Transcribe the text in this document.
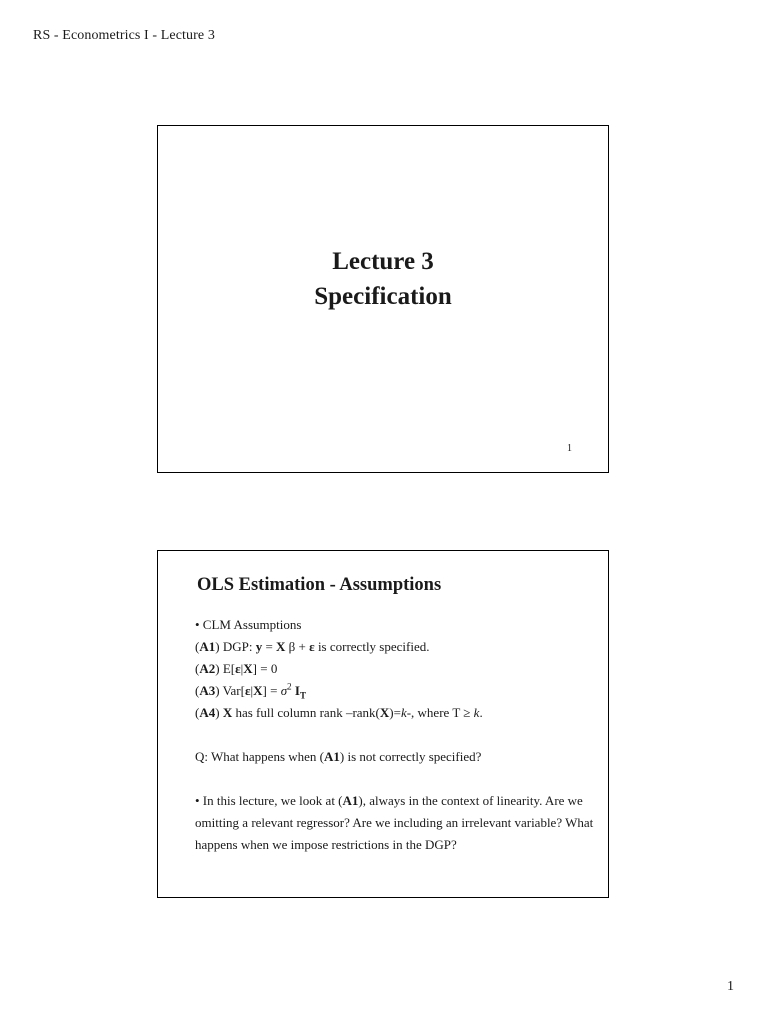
RS - Econometrics I - Lecture 3
Lecture 3
Specification
1
OLS Estimation - Assumptions
• CLM Assumptions
(A1) DGP: y = X β + ε is correctly specified.
(A2) E[ε|X] = 0
(A3) $Var[\varepsilon|X] = \sigma^2$ $I_T$
(A4) X has full column rank –rank(X)=k-, where T ≥ k.
Q: What happens when (A1) is not correctly specified?
• In this lecture, we look at (A1), always in the context of linearity. Are we omitting a relevant regressor? Are we including an irrelevant variable? What happens when we impose restrictions in the DGP?
1
